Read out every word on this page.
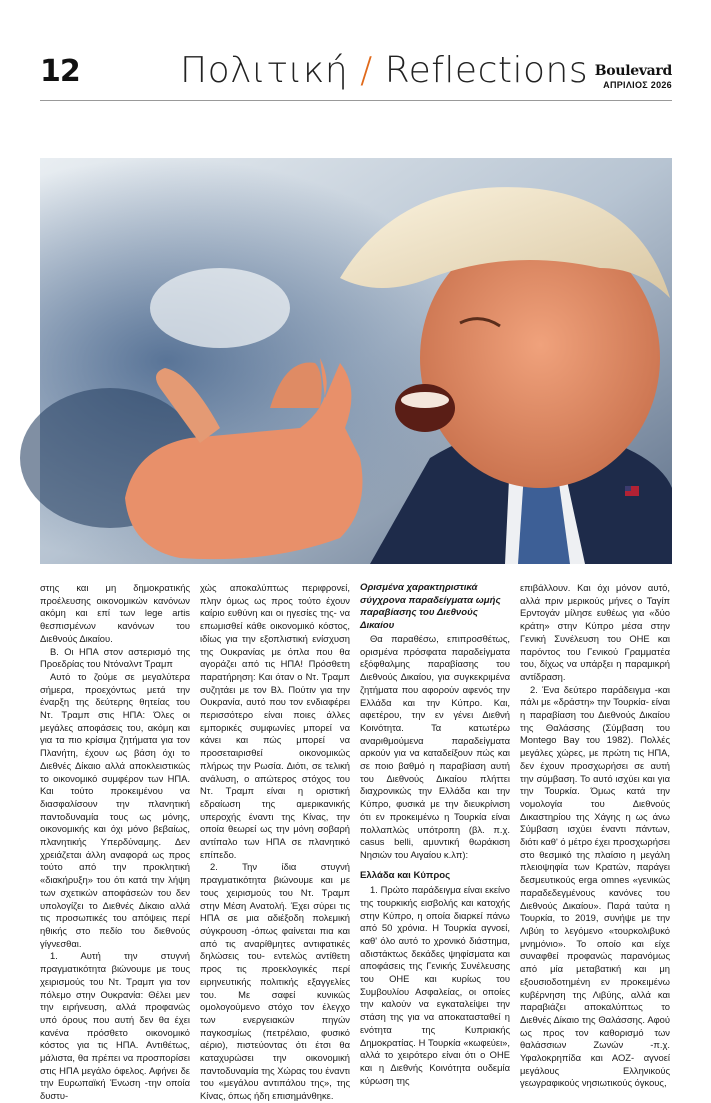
12	Πολιτική / Reflections Boulevard
ΑΠΡΙΛΙΟΣ 2026

στης και μη δημοκρατικής προέλευσης οικονομικών κανόνων ακόμη και επί των lege artis θεσπισμένων κανόνων του Διεθνούς Δικαίου.

Β. Οι ΗΠΑ στον αστερισμό της Προεδρίας του Ντόναλντ Τραμπ

Αυτό το ζούμε σε μεγαλύτερα σήμερα, προεχόντως μετά την έναρξη της δεύτερης θητείας του Ντ. Τραμπ στις ΗΠΑ: Όλες οι μεγάλες αποφάσεις του, ακόμη και για τα πιο κρίσιμα ζητήματα για τον Πλανήτη, έχουν ως βάση όχι το Διεθνές Δίκαιο αλλά αποκλειστικώς το οικονομικό συμφέρον των ΗΠΑ. Και τούτο προκειμένου να διασφαλίσουν την πλανητική παντοδυναμία τους ως μόνης, οικονομικής και όχι μόνο βεβαίως, πλανητικής Υπερδύναμης. Δεν χρειάζεται άλλη αναφορά ως προς τούτο από την προκλητική «διακήρυξη» του ότι κατά την λήψη των σχετικών αποφάσεών του δεν υπολογίζει το Διεθνές Δίκαιο αλλά τις προσωπικές του απόψεις περί ηθικής στο πεδίο του διεθνούς γίγνεσθαι.

1. Αυτή την στυγνή πραγματικότητα βιώνουμε με τους χειρισμούς του Ντ. Τραμπ για τον πόλεμο στην Ουκρανία: Θέλει μεν την ειρήνευση, αλλά προφανώς υπό όρους που αυτή δεν θα έχει κανένα πρόσθετο οικονομικό κόστος για τις ΗΠΑ. Αντιθέτως, μάλιστα, θα πρέπει να προσπορίσει στις ΗΠΑ μεγάλο όφελος. Αφήνει δε την Ευρωπαϊκή Ένωση -την οποία δυστυ-

χώς αποκαλύπτως περιφρονεί, πλην όμως ως προς τούτο έχουν καίριο ευθύνη και οι ηγεσίες της- να επωμισθεί κάθε οικονομικό κόστος, ιδίως για την εξοπλιστική ενίσχυση της Ουκρανίας με όπλα που θα αγοράζει από τις ΗΠΑ! Πρόσθετη παρατήρηση: Και όταν ο Ντ. Τραμπ συζητάει με τον Βλ. Πούτιν για την Ουκρανία, αυτό που τον ενδιαφέρει περισσότερο είναι ποιες άλλες εμπορικές συμφωνίες μπορεί να κάνει και πώς μπορεί να προσεταιρισθεί οικονομικώς πλήρως την Ρωσία. Διότι, σε τελική ανάλυση, ο απώτερος στόχος του Ντ. Τραμπ είναι η οριστική εδραίωση της αμερικανικής υπεροχής έναντι της Κίνας, την οποία θεωρεί ως την μόνη σοβαρή αντίπαλο των ΗΠΑ σε πλανητικό επίπεδο.

2. Την ίδια στυγνή πραγματικότητα βιώνουμε και με τους χειρισμούς του Ντ. Τραμπ στην Μέση Ανατολή. Έχει σύρει τις ΗΠΑ σε μια αδιέξοδη πολεμική σύγκρουση -όπως φαίνεται πια και από τις αναρίθμητες αντιφατικές δηλώσεις του- εντελώς αντίθετη προς τις προεκλογικές περί ειρηνευτικής πολιτικής εξαγγελίες του. Με σαφεί κυνικώς ομολογούμενο στόχο τον έλεγχο των ενεργειακών πηγών παγκοσμίως (πετρέλαιο, φυσικό αέριο), πιστεύοντας ότι έτσι θα καταχυρώσει την οικονομική παντοδυναμία της Χώρας του έναντι του «μεγάλου αντιπάλου της», της Κίνας, όπως ήδη επισημάνθηκε.

Ορισμένα χαρακτηριστικά σύγχρονα παραδείγματα ωμής παραβίασης του Διεθνούς Δικαίου

Θα παραθέσω, επιπροσθέτως, ορισμένα πρόσφατα παραδείγματα εξόφθαλμης παραβίασης του Διεθνούς Δικαίου, για συγκεκριμένα ζητήματα που αφορούν αφενός την Ελλάδα και την Κύπρο. Και, αφετέρου, την εν γένει Διεθνή Κοινότητα. Τα κατωτέρω αναριθμούμενα παραδείγματα αρκούν για να καταδείξουν πώς και σε ποιο βαθμό η παραβίαση αυτή του Διεθνούς Δικαίου πλήττει διαχρονικώς την Ελλάδα και την Κύπρο, φυσικά με την διευκρίνιση ότι εν προκειμένω η Τουρκία είναι πολλαπλώς υπότροπη (βλ. π.χ. casus belli, αμυντική θωράκιση Νησιών του Αιγαίου κ.λπ):

Ελλάδα και Κύπρος

1. Πρώτο παράδειγμα είναι εκείνο της τουρκικής εισβολής και κατοχής στην Κύπρο, η οποία διαρκεί πάνω από 50 χρόνια. Η Τουρκία αγνοεί, καθ' όλο αυτό το χρονικό διάστημα, αδιστάκτως δεκάδες ψηφίσματα και αποφάσεις της Γενικής Συνέλευσης του ΟΗΕ και κυρίως του Συμβουλίου Ασφαλείας, οι οποίες την καλούν να εγκαταλείψει την στάση της για να αποκατασταθεί η ενότητα της Κυπριακής Δημοκρατίας. Η Τουρκία «κωφεύει», αλλά το χειρότερο είναι ότι ο ΟΗΕ και η Διεθνής Κοινότητα ουδεμία κύρωση της

επιβάλλουν. Και όχι μόνον αυτό, αλλά πριν μερικούς μήνες ο Ταγίπ Ερντογάν μίλησε ευθέως για «δύο κράτη» στην Κύπρο μέσα στην Γενική Συνέλευση του ΟΗΕ και παρόντος του Γενικού Γραμματέα του, δίχως να υπάρξει η παραμικρή αντίδραση.

2. Ένα δεύτερο παράδειγμα -και πάλι με «δράστη» την Τουρκία- είναι η παραβίαση του Διεθνούς Δικαίου της Θαλάσσης (Σύμβαση του Montego Bay του 1982). Πολλές μεγάλες χώρες, με πρώτη τις ΗΠΑ, δεν έχουν προσχωρήσει σε αυτή την σύμβαση. Το αυτό ισχύει και για την Τουρκία. Όμως κατά την νομολογία του Διεθνούς Δικαστηρίου της Χάγης η ως άνω Σύμβαση ισχύει έναντι πάντων, διότι καθ' ό μέτρο έχει προσχωρήσει στο θεσμικό της πλαίσιο η μεγάλη πλειοψηφία των Κρατών, παράγει δεσμευτικούς erga omnes «γενικώς παραδεδεγμένους κανόνες του Διεθνούς Δικαίου». Παρά ταύτα η Τουρκία, το 2019, συνήψε με την Λιβύη το λεγόμενο «τουρκολιβυκό μνημόνιο». Το οποίο και είχε συναφθεί προφανώς παρανόμως από μία μεταβατική και μη εξουσιοδοτημένη εν προκειμένω κυβέρνηση της Λιβύης, αλλά και παραβιάζει αποκαλύπτως το Διεθνές Δίκαιο της Θαλάσσης. Αφού ως προς τον καθορισμό των θαλάσσιων Ζωνών -π.χ. Υφαλοκρηπίδα και ΑΟΖ- αγνοεί μεγάλους Ελληνικούς γεωγραφικούς νησιωτικούς όγκους,
